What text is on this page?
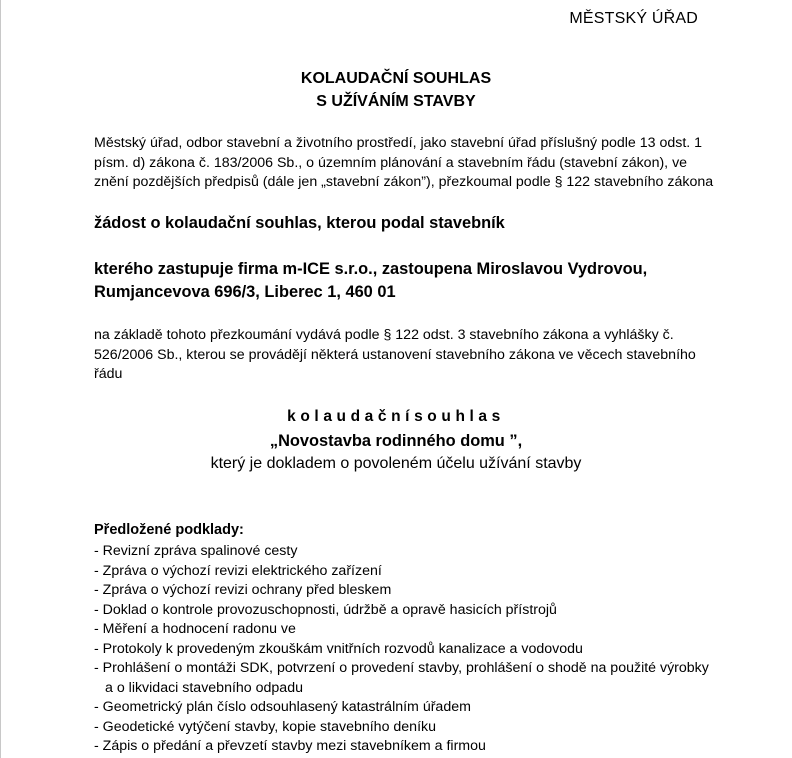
MĚSTSKÝ ÚŘAD
KOLAUDAČNÍ SOUHLAS
S UŽÍVÁNÍM STAVBY
Městský úřad, odbor stavební a životního prostředí, jako stavební úřad příslušný podle 13 odst. 1 písm. d) zákona č. 183/2006 Sb., o územním plánování a stavebním řádu (stavební zákon), ve znění pozdějších předpisů (dále jen „stavební zákon”), přezkoumal podle § 122 stavebního zákona
žádost o kolaudační souhlas, kterou podal stavebník
kterého zastupuje firma m-ICE s.r.o., zastoupena Miroslavou Vydrovou,
Rumjancevova 696/3, Liberec 1, 460 01
na základě tohoto přezkoumání vydává podle § 122 odst. 3 stavebního zákona a vyhlášky č. 526/2006 Sb., kterou se provádějí některá ustanovení stavebního zákona ve věcech stavebního řádu
kolaudačnísouhlas
„Novostavba rodinného domu ”,
který je dokladem o povoleném účelu užívání stavby
Předložené podklady:
- Revizní zpráva spalinové cesty
- Zpráva o výchozí revizi elektrického zařízení
- Zpráva o výchozí revizi ochrany před bleskem
- Doklad o kontrole provozuschopnosti, údržbě a opravě hasicích přístrojů
- Měření a hodnocení radonu ve
- Protokoly k provedeným zkouškám vnitřních rozvodů kanalizace a vodovodu
- Prohlášení o montáži SDK, potvrzení o provedení stavby, prohlášení o shodě na použité výrobky a o likvidaci stavebního odpadu
- Geometrický plán číslo odsouhlasený katastrálním úřadem
- Geodetické vytýčení stavby, kopie stavebního deníku
- Zápis o předání a převzetí stavby mezi stavebníkem a firmou
